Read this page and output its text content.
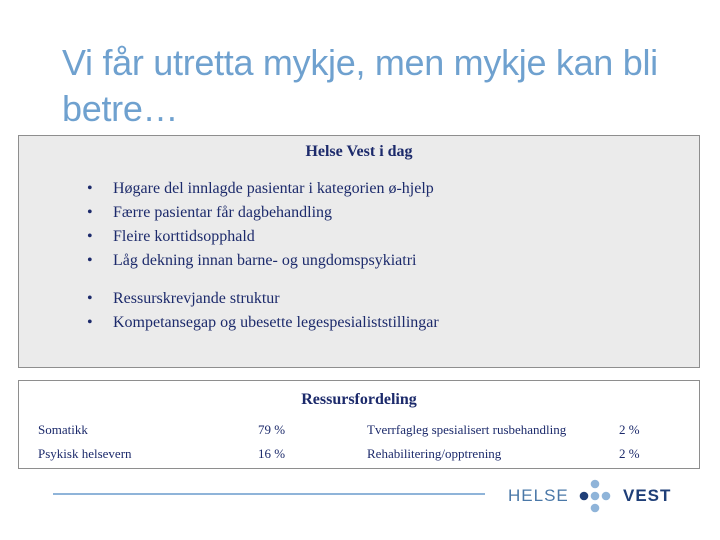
Vi får utretta mykje, men mykje kan bli betre…
Helse Vest i dag
•	Høgare del innlagde pasientar i kategorien ø-hjelp
•	Færre pasientar får dagbehandling
•	Fleire korttidsopphald
•	Låg dekning innan barne- og ungdomspsykiatri
•	Ressurskrevjande struktur
•	Kompetansegap og ubesette legespesialiststillingar
Ressursfordeling
Somatikk	79 %	Tverrfagleg spesialisert rusbehandling	2 %
Psykisk helsevern	16 %	Rehabilitering/opptrening	2 %
HELSE	VEST
